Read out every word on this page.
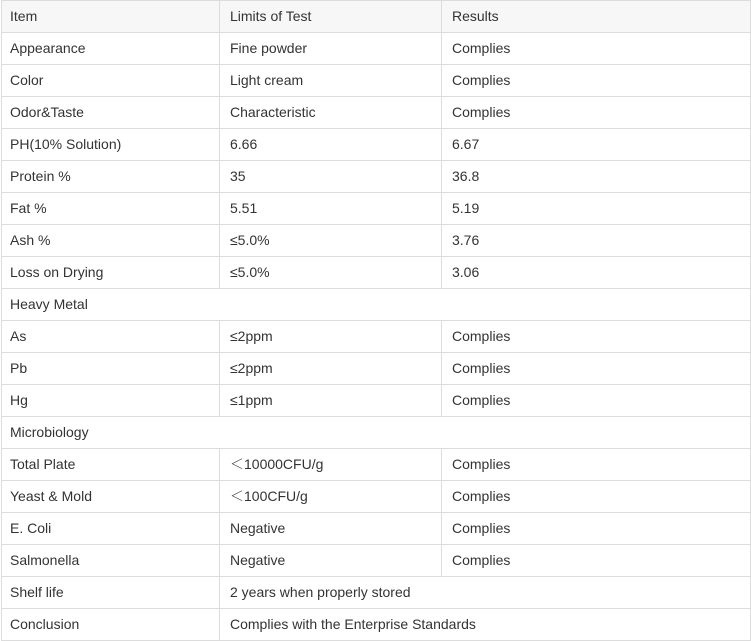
Item	Limits of Test	Results
Appearance	Fine powder	Complies
Color	Light cream	Complies
Odor&Taste	Characteristic	Complies
PH(10% Solution)	6.66	6.67
Protein %	35	36.8
Fat %	5.51	5.19
Ash %	≤5.0%	3.76
Loss on Drying	≤5.0%	3.06
Heavy Metal		
As	≤2ppm	Complies
Pb	≤2ppm	Complies
Hg	≤1ppm	Complies
Microbiology		
Total Plate	＜10000CFU/g	Complies
Yeast & Mold	＜100CFU/g	Complies
E. Coli	Negative	Complies
Salmonella	Negative	Complies
Shelf life	2 years when properly stored	
Conclusion	Complies with the Enterprise Standards	
